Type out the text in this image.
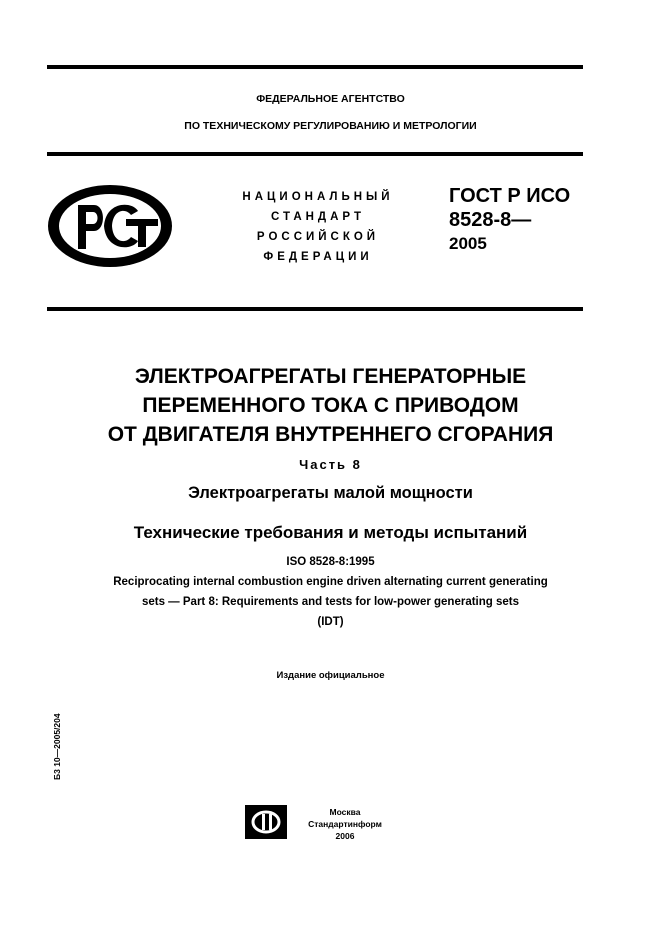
ФЕДЕРАЛЬНОЕ АГЕНТСТВО
ПО ТЕХНИЧЕСКОМУ РЕГУЛИРОВАНИЮ И МЕТРОЛОГИИ
НАЦИОНАЛЬНЫЙ
СТАНДАРТ
РОССИЙСКОЙ
ФЕДЕРАЦИИ
ГОСТ Р ИСО
8528-8—
2005
ЭЛЕКТРОАГРЕГАТЫ ГЕНЕРАТОРНЫЕ
ПЕРЕМЕННОГО ТОКА С ПРИВОДОМ
ОТ ДВИГАТЕЛЯ ВНУТРЕННЕГО СГОРАНИЯ
Часть 8
Электроагрегаты малой мощности
Технические требования и методы испытаний
ISO 8528-8:1995
Reciprocating internal combustion engine driven alternating current generating
sets — Part 8: Requirements and tests for low-power generating sets
(IDT)
Издание официальное
Б3 10—2005/204
Москва
Стандартинформ
2006
